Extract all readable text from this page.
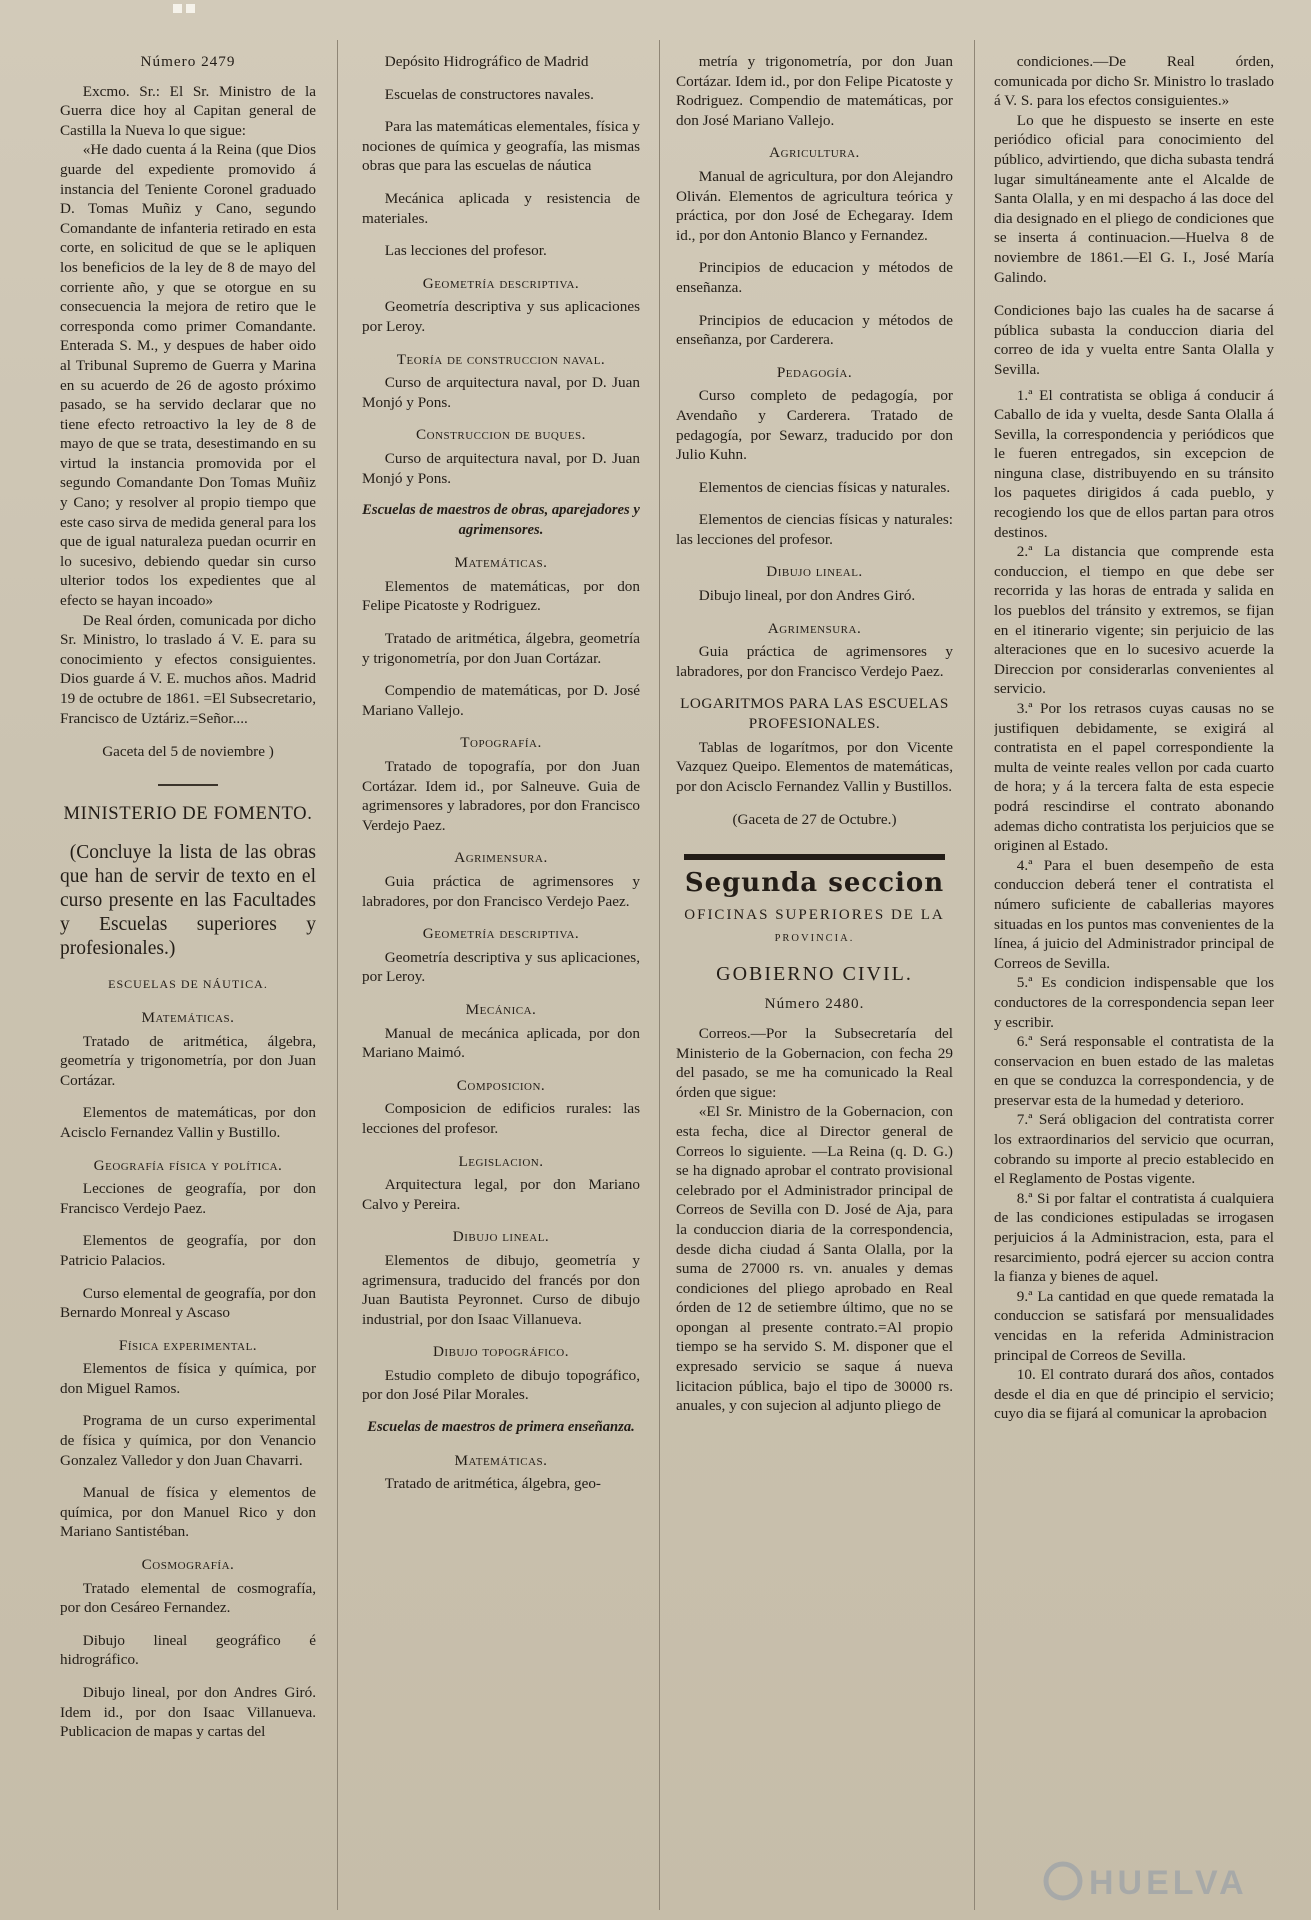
Número 2479

Excmo. Sr.: El Sr. Ministro de la Guerra dice hoy al Capitan general de Castilla la Nueva lo que sigue:

«He dado cuenta á la Reina (que Dios guarde del expediente promovido á instancia del Teniente Coronel graduado D. Tomas Muñiz y Cano, segundo Comandante de infanteria retirado en esta corte, en solicitud de que se le apliquen los beneficios de la ley de 8 de mayo del corriente año, y que se otorgue en su consecuencia la mejora de retiro que le corresponda como primer Comandante. Enterada S. M., y despues de haber oido al Tribunal Supremo de Guerra y Marina en su acuerdo de 26 de agosto próximo pasado, se ha servido declarar que no tiene efecto retroactivo la ley de 8 de mayo de que se trata, desestimando en su virtud la instancia promovida por el segundo Comandante Don Tomas Muñiz y Cano; y resolver al propio tiempo que este caso sirva de medida general para los que de igual naturaleza puedan ocurrir en lo sucesivo, debiendo quedar sin curso ulterior todos los expedientes que al efecto se hayan incoado»

De Real órden, comunicada por dicho Sr. Ministro, lo traslado á V. E. para su conocimiento y efectos consiguientes. Dios guarde á V. E. muchos años. Madrid 19 de octubre de 1861. =El Subsecretario, Francisco de Uztáriz.=Señor....

Gaceta del 5 de noviembre )
MINISTERIO DE FOMENTO.
(Concluye la lista de las obras que han de servir de texto en el curso presente en las Facultades y Escuelas superiores y profesionales.)
ESCUELAS DE NÁUTICA.
Matemáticas.
Tratado de aritmética, álgebra, geometría y trigonometría, por don Juan Cortázar.
Elementos de matemáticas, por don Acisclo Fernandez Vallin y Bustillo.
Geografía física y política.
Lecciones de geografía, por don Francisco Verdejo Paez.
Elementos de geografía, por don Patricio Palacios.
Curso elemental de geografía, por don Bernardo Monreal y Ascaso
Física experimental.
Elementos de física y química, por don Miguel Ramos.
Programa de un curso experimental de física y química, por don Venancio Gonzalez Valledor y don Juan Chavarri.
Manual de física y elementos de química, por don Manuel Rico y don Mariano Santistéban.
Cosmografía.
Tratado elemental de cosmografía, por don Cesáreo Fernandez.
Dibujo lineal geográfico é hidrográfico.
Dibujo lineal, por don Andres Giró. Idem id., por don Isaac Villanueva. Publicacion de mapas y cartas del
Depósito Hidrográfico de Madrid
Escuelas de constructores navales.
Para las matemáticas elementales, física y nociones de química y geografía, las mismas obras que para las escuelas de náutica
Mecánica aplicada y resistencia de materiales.
Las lecciones del profesor.
Geometría descriptiva.
Geometría descriptiva y sus aplicaciones por Leroy.
Teoría de construccion naval.
Curso de arquitectura naval, por D. Juan Monjó y Pons.
Construccion de buques.
Curso de arquitectura naval, por D. Juan Monjó y Pons.
Escuelas de maestros de obras, aparejadores y agrimensores.
Matemáticas.
Elementos de matemáticas, por don Felipe Picatoste y Rodriguez.
Tratado de aritmética, álgebra, geometría y trigonometría, por don Juan Cortázar.
Compendio de matemáticas, por D. José Mariano Vallejo.
Topografía.
Tratado de topografía, por don Juan Cortázar. Idem id., por Salneuve. Guia de agrimensores y labradores, por don Francisco Verdejo Paez.
Agrimensura.
Guia práctica de agrimensores y labradores, por don Francisco Verdejo Paez.
Geometría descriptiva.
Geometría descriptiva y sus aplicaciones, por Leroy.
Mecánica.
Manual de mecánica aplicada, por don Mariano Maimó.
Composicion.
Composicion de edificios rurales: las lecciones del profesor.
Legislacion.
Arquitectura legal, por don Mariano Calvo y Pereira.
Dibujo lineal.
Elementos de dibujo, geometría y agrimensura, traducido del francés por don Juan Bautista Peyronnet. Curso de dibujo industrial, por don Isaac Villanueva.
Dibujo topográfico.
Estudio completo de dibujo topográfico, por don José Pilar Morales.
Escuelas de maestros de primera enseñanza.
Matemáticas.
Tratado de aritmética, álgebra, geo-
metría y trigonometría, por don Juan Cortázar. Idem id., por don Felipe Picatoste y Rodriguez. Compendio de matemáticas, por don José Mariano Vallejo.
Agricultura.
Manual de agricultura, por don Alejandro Oliván. Elementos de agricultura teórica y práctica, por don José de Echegaray. Idem id., por don Antonio Blanco y Fernandez.
Principios de educacion y métodos de enseñanza.
Principios de educacion y métodos de enseñanza, por Carderera.
Pedagogía.
Curso completo de pedagogía, por Avendaño y Carderera. Tratado de pedagogía, por Sewarz, traducido por don Julio Kuhn.
Elementos de ciencias físicas y naturales.
Elementos de ciencias físicas y naturales: las lecciones del profesor.
Dibujo lineal.
Dibujo lineal, por don Andres Giró.
Agrimensura.
Guia práctica de agrimensores y labradores, por don Francisco Verdejo Paez.
LOGARITMOS PARA LAS ESCUELAS PROFESIONALES.
Tablas de logarítmos, por don Vicente Vazquez Queipo. Elementos de matemáticas, por don Acisclo Fernandez Vallin y Bustillos.
(Gaceta de 27 de Octubre.)
Segunda seccion
OFICINAS SUPERIORES DE LA
PROVINCIA.
GOBIERNO CIVIL.
Número 2480.

Correos.—Por la Subsecretaría del Ministerio de la Gobernacion, con fecha 29 del pasado, se me ha comunicado la Real órden que sigue:

«El Sr. Ministro de la Gobernacion, con esta fecha, dice al Director general de Correos lo siguiente. —La Reina (q. D. G.) se ha dignado aprobar el contrato provisional celebrado por el Administrador principal de Correos de Sevilla con D. José de Aja, para la conduccion diaria de la correspondencia, desde dicha ciudad á Santa Olalla, por la suma de 27000 rs. vn. anuales y demas condiciones del pliego aprobado en Real órden de 12 de setiembre último, que no se opongan al presente contrato.=Al propio tiempo se ha servido S. M. disponer que el expresado servicio se saque á nueva licitacion pública, bajo el tipo de 30000 rs. anuales, y con sujecion al adjunto pliego de

condiciones.—De Real órden, comunicada por dicho Sr. Ministro lo traslado á V. S. para los efectos consiguientes.»

Lo que he dispuesto se inserte en este periódico oficial para conocimiento del público, advirtiendo, que dicha subasta tendrá lugar simultáneamente ante el Alcalde de Santa Olalla, y en mi despacho á las doce del dia designado en el pliego de condiciones que se inserta á continuacion.—Huelva 8 de noviembre de 1861.—El G. I., José María Galindo.

Condiciones bajo las cuales ha de sacarse á pública subasta la conduccion diaria del correo de ida y vuelta entre Santa Olalla y Sevilla.

1.ª El contratista se obliga á conducir á Caballo de ida y vuelta, desde Santa Olalla á Sevilla, la correspondencia y periódicos que le fueren entregados, sin excepcion de ninguna clase, distribuyendo en su tránsito los paquetes dirigidos á cada pueblo, y recogiendo los que de ellos partan para otros destinos.

2.ª La distancia que comprende esta conduccion, el tiempo en que debe ser recorrida y las horas de entrada y salida en los pueblos del tránsito y extremos, se fijan en el itinerario vigente; sin perjuicio de las alteraciones que en lo sucesivo acuerde la Direccion por considerarlas convenientes al servicio.

3.ª Por los retrasos cuyas causas no se justifiquen debidamente, se exigirá al contratista en el papel correspondiente la multa de veinte reales vellon por cada cuarto de hora; y á la tercera falta de esta especie podrá rescindirse el contrato abonando ademas dicho contratista los perjuicios que se originen al Estado.

4.ª Para el buen desempeño de esta conduccion deberá tener el contratista el número suficiente de caballerias mayores situadas en los puntos mas convenientes de la línea, á juicio del Administrador principal de Correos de Sevilla.

5.ª Es condicion indispensable que los conductores de la correspondencia sepan leer y escribir.

6.ª Será responsable el contratista de la conservacion en buen estado de las maletas en que se conduzca la correspondencia, y de preservar esta de la humedad y deterioro.

7.ª Será obligacion del contratista correr los extraordinarios del servicio que ocurran, cobrando su importe al precio establecido en el Reglamento de Postas vigente.

8.ª Si por faltar el contratista á cualquiera de las condiciones estipuladas se irrogasen perjuicios á la Administracion, esta, para el resarcimiento, podrá ejercer su accion contra la fianza y bienes de aquel.

9.ª La cantidad en que quede rematada la conduccion se satisfará por mensualidades vencidas en la referida Administracion principal de Correos de Sevilla.

10. El contrato durará dos años, contados desde el dia en que dé principio el servicio; cuyo dia se fijará al comunicar la aprobacion

HUELVA
